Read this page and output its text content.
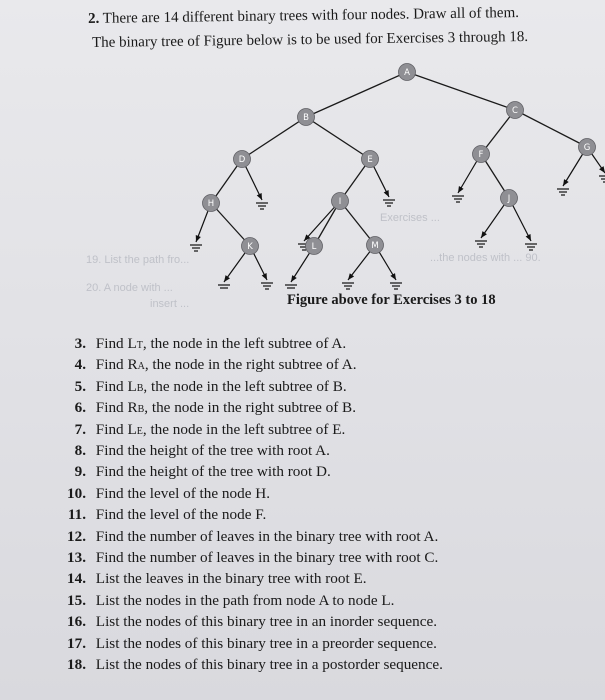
2. There are 14 different binary trees with four nodes. Draw all of them.
The binary tree of Figure below is to be used for Exercises 3 through 18.
19. List the path fro...
20. A node with ...
insert ...
Exercises ...
...the nodes with ... 90.
A
B
C
D	E	F
G
H	I	J
K	L	M
Figure above for Exercises 3 to 18
3. Find LT, the node in the left subtree of A.
4. Find RA, the node in the right subtree of A.
5. Find LB, the node in the left subtree of B.
6. Find RB, the node in the right subtree of B.
7. Find LE, the node in the left subtree of E.
8. Find the height of the tree with root A.
9. Find the height of the tree with root D.
10. Find the level of the node H.
11. Find the level of the node F.
12. Find the number of leaves in the binary tree with root A.
13. Find the number of leaves in the binary tree with root C.
14. List the leaves in the binary tree with root E.
15. List the nodes in the path from node A to node L.
16. List the nodes of this binary tree in an inorder sequence.
17. List the nodes of this binary tree in a preorder sequence.
18. List the nodes of this binary tree in a postorder sequence.
